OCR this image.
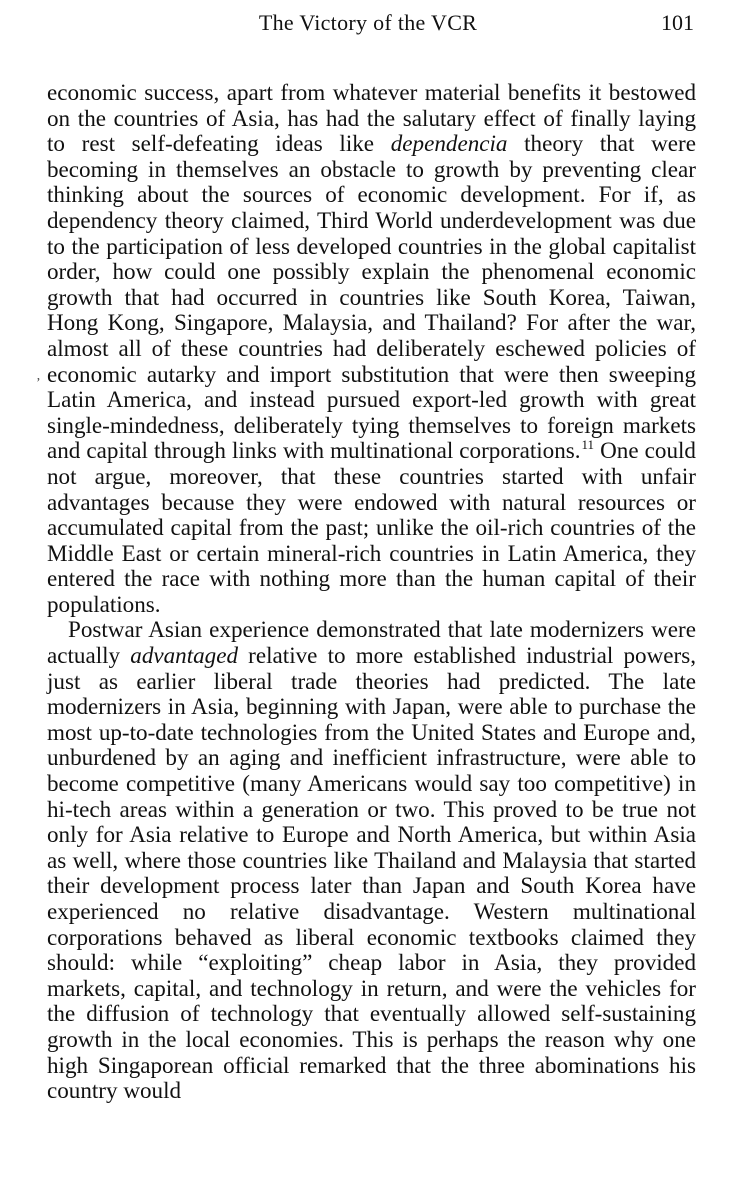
The Victory of the VCR	101
’

economic success, apart from whatever material benefits it bestowed on the countries of Asia, has had the salutary effect of finally laying to rest self-defeating ideas like dependencia theory that were becoming in themselves an obstacle to growth by preventing clear thinking about the sources of economic development. For if, as dependency theory claimed, Third World underdevelopment was due to the participation of less developed countries in the global capitalist order, how could one possibly explain the phenomenal economic growth that had occurred in countries like South Korea, Taiwan, Hong Kong, Singapore, Malaysia, and Thailand? For after the war, almost all of these countries had deliberately eschewed policies of economic autarky and import substitution that were then sweeping Latin America, and instead pursued export-led growth with great single-mindedness, deliberately tying themselves to foreign markets and capital through links with multinational corporations.$^{11}$ One could not argue, moreover, that these countries started with unfair advantages because they were endowed with natural resources or accumulated capital from the past; unlike the oil-rich countries of the Middle East or certain mineral-rich countries in Latin America, they entered the race with nothing more than the human capital of their populations.

Postwar Asian experience demonstrated that late modernizers were actually advantaged relative to more established industrial powers, just as earlier liberal trade theories had predicted. The late modernizers in Asia, beginning with Japan, were able to purchase the most up-to-date technologies from the United States and Europe and, unburdened by an aging and inefficient infrastructure, were able to become competitive (many Americans would say too competitive) in hi-tech areas within a generation or two. This proved to be true not only for Asia relative to Europe and North America, but within Asia as well, where those countries like Thailand and Malaysia that started their development process later than Japan and South Korea have experienced no relative disadvantage. Western multinational corporations behaved as liberal economic textbooks claimed they should: while “exploiting” cheap labor in Asia, they provided markets, capital, and technology in return, and were the vehicles for the diffusion of technology that eventually allowed self-sustaining growth in the local economies. This is perhaps the reason why one high Singaporean official remarked that the three abominations his country would
